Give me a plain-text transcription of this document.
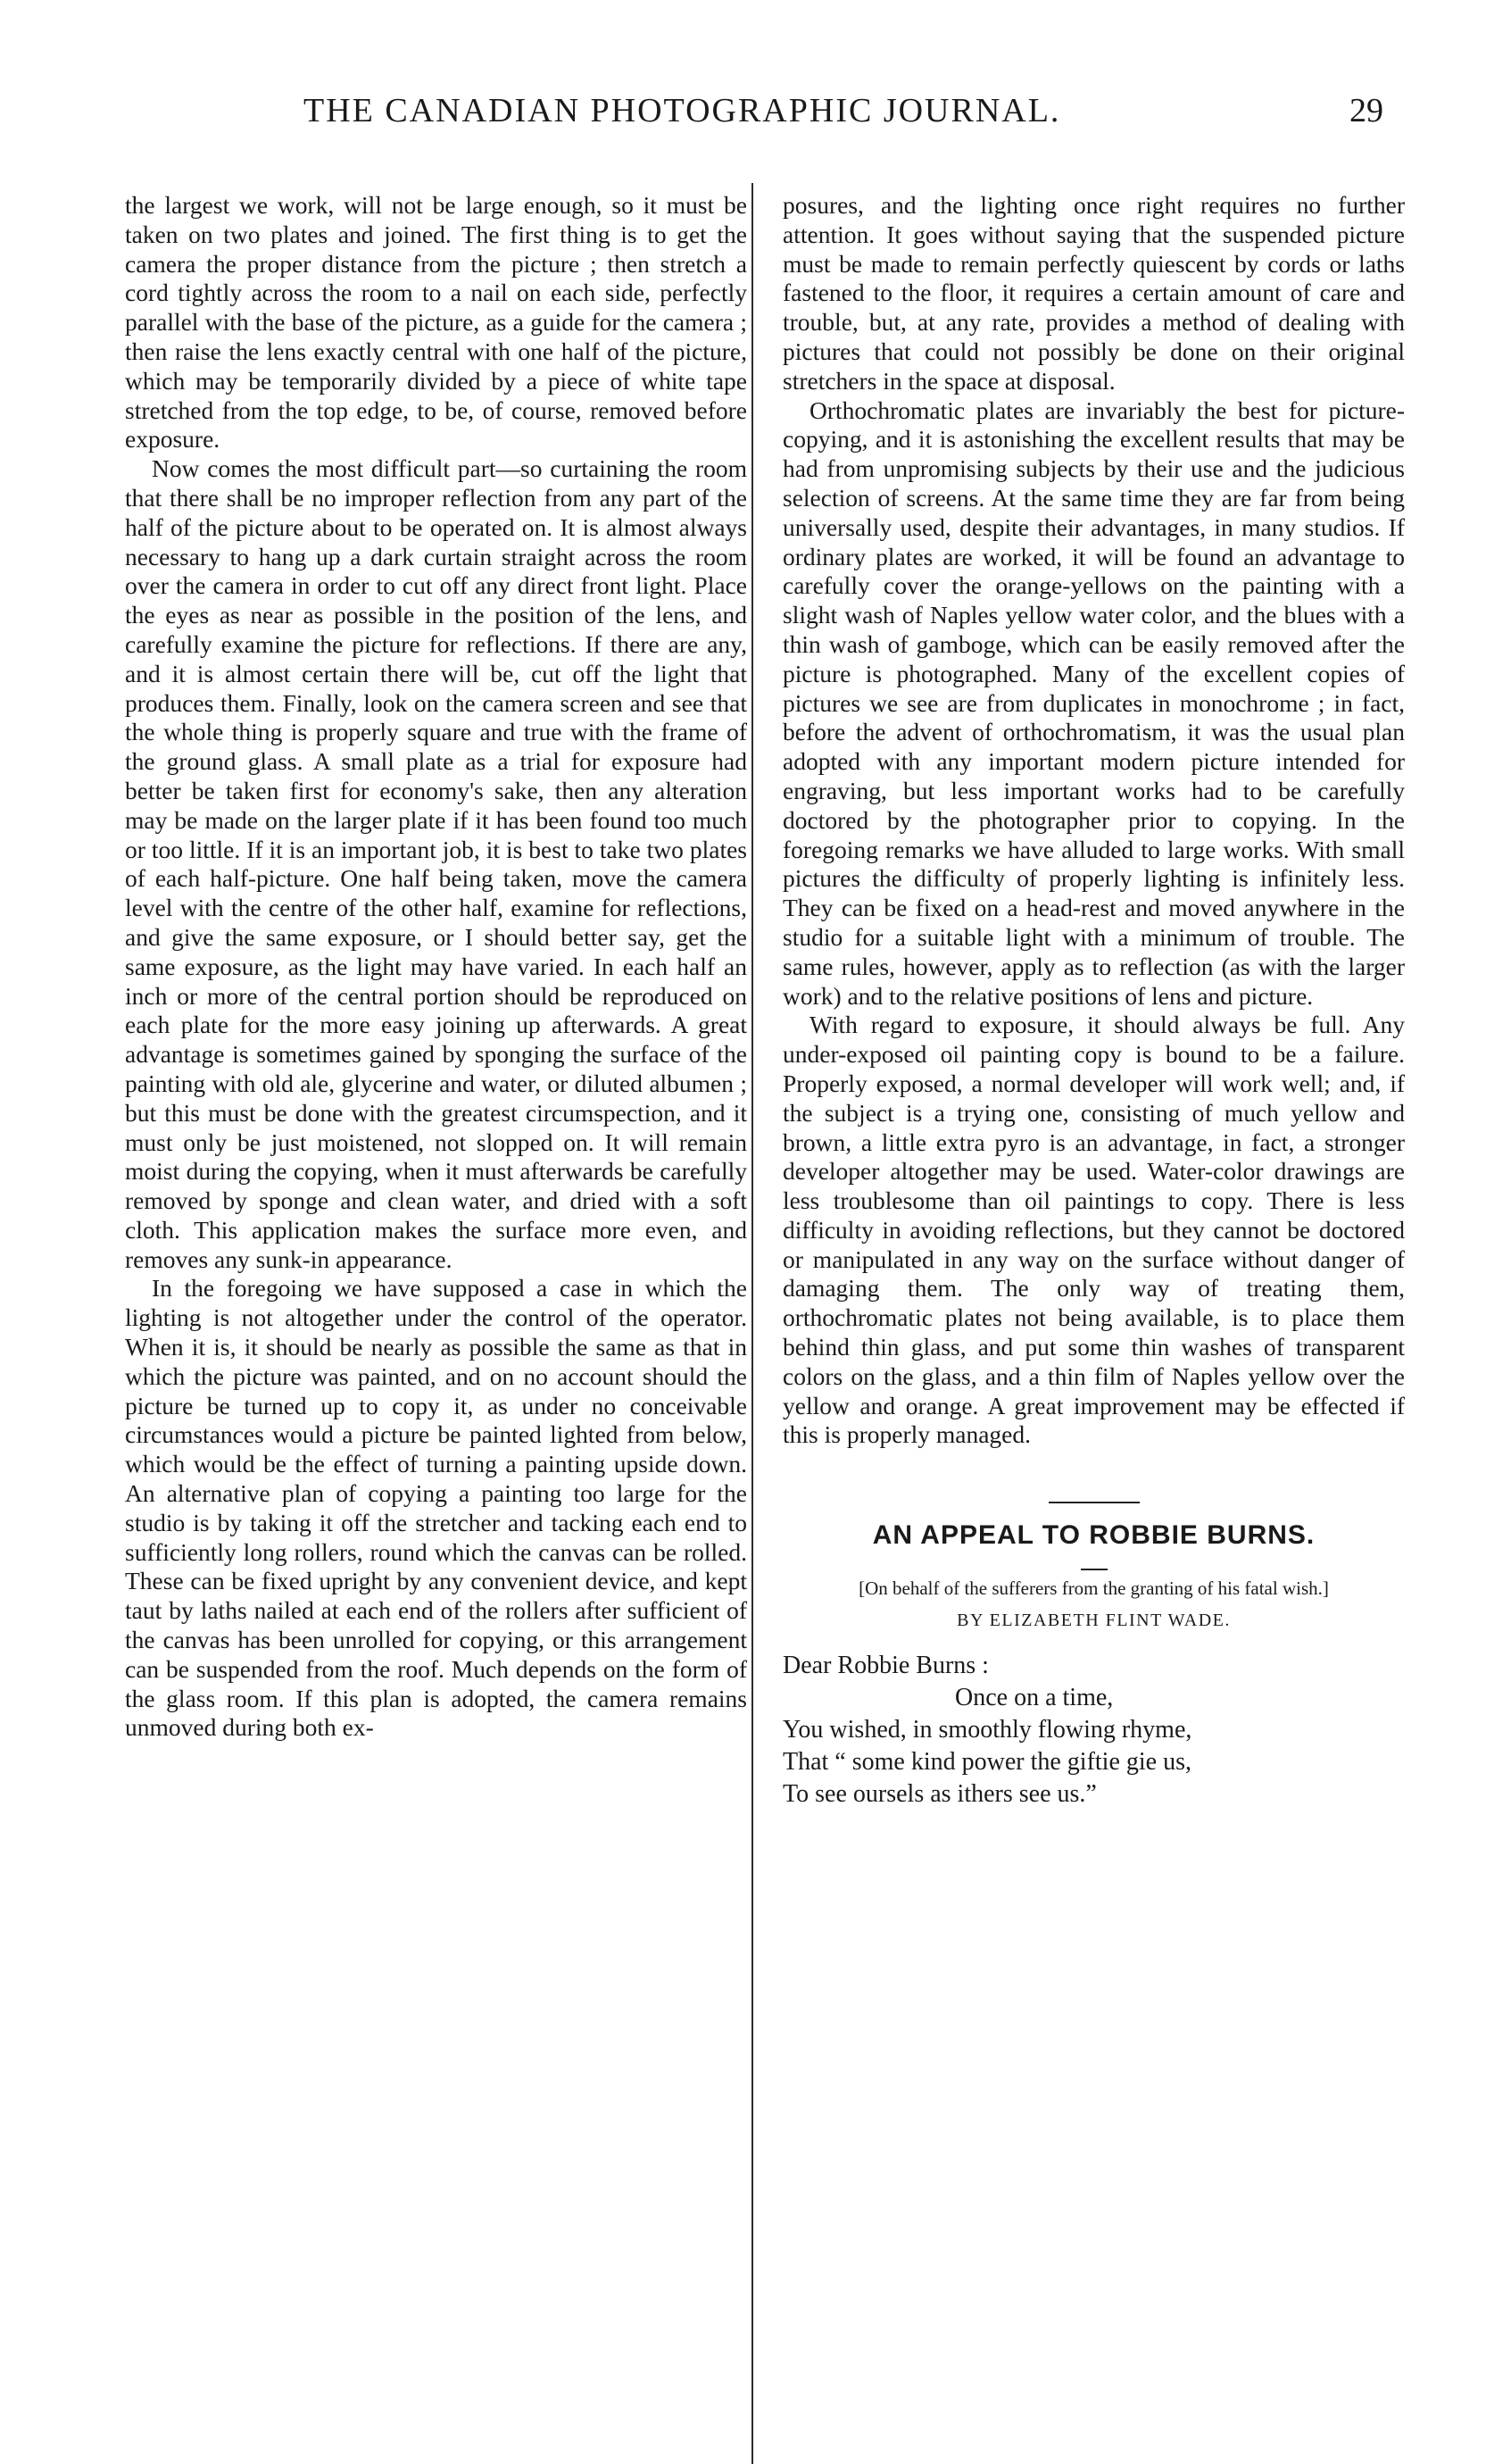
THE CANADIAN PHOTOGRAPHIC JOURNAL.	29

the largest we work, will not be large enough, so it must be taken on two plates and joined. The first thing is to get the camera the proper distance from the picture ; then stretch a cord tightly across the room to a nail on each side, perfectly parallel with the base of the picture, as a guide for the camera ; then raise the lens exactly central with one half of the picture, which may be temporarily divided by a piece of white tape stretched from the top edge, to be, of course, removed before exposure.

Now comes the most difficult part—so curtaining the room that there shall be no improper reflection from any part of the half of the picture about to be operated on. It is almost always necessary to hang up a dark curtain straight across the room over the camera in order to cut off any direct front light. Place the eyes as near as possible in the position of the lens, and carefully examine the picture for reflections. If there are any, and it is almost certain there will be, cut off the light that produces them. Finally, look on the camera screen and see that the whole thing is properly square and true with the frame of the ground glass. A small plate as a trial for exposure had better be taken first for economy's sake, then any alteration may be made on the larger plate if it has been found too much or too little. If it is an important job, it is best to take two plates of each half-picture. One half being taken, move the camera level with the centre of the other half, examine for reflections, and give the same exposure, or I should better say, get the same exposure, as the light may have varied. In each half an inch or more of the central portion should be reproduced on each plate for the more easy joining up afterwards. A great advantage is sometimes gained by sponging the surface of the painting with old ale, glycerine and water, or diluted albumen ; but this must be done with the greatest circumspection, and it must only be just moistened, not slopped on. It will remain moist during the copying, when it must afterwards be carefully removed by sponge and clean water, and dried with a soft cloth. This application makes the surface more even, and removes any sunk-in appearance.

In the foregoing we have supposed a case in which the lighting is not altogether under the control of the operator. When it is, it should be nearly as possible the same as that in which the picture was painted, and on no account should the picture be turned up to copy it, as under no conceivable circumstances would a picture be painted lighted from below, which would be the effect of turning a painting upside down. An alternative plan of copying a painting too large for the studio is by taking it off the stretcher and tacking each end to sufficiently long rollers, round which the canvas can be rolled. These can be fixed upright by any convenient device, and kept taut by laths nailed at each end of the rollers after sufficient of the canvas has been unrolled for copying, or this arrangement can be suspended from the roof. Much depends on the form of the glass room. If this plan is adopted, the camera remains unmoved during both ex-

posures, and the lighting once right requires no further attention. It goes without saying that the suspended picture must be made to remain perfectly quiescent by cords or laths fastened to the floor, it requires a certain amount of care and trouble, but, at any rate, provides a method of dealing with pictures that could not possibly be done on their original stretchers in the space at disposal.

Orthochromatic plates are invariably the best for picture-copying, and it is astonishing the excellent results that may be had from unpromising subjects by their use and the judicious selection of screens. At the same time they are far from being universally used, despite their advantages, in many studios. If ordinary plates are worked, it will be found an advantage to carefully cover the orange-yellows on the painting with a slight wash of Naples yellow water color, and the blues with a thin wash of gamboge, which can be easily removed after the picture is photographed. Many of the excellent copies of pictures we see are from duplicates in monochrome ; in fact, before the advent of orthochromatism, it was the usual plan adopted with any important modern picture intended for engraving, but less important works had to be carefully doctored by the photographer prior to copying. In the foregoing remarks we have alluded to large works. With small pictures the difficulty of properly lighting is infinitely less. They can be fixed on a head-rest and moved anywhere in the studio for a suitable light with a minimum of trouble. The same rules, however, apply as to reflection (as with the larger work) and to the relative positions of lens and picture.

With regard to exposure, it should always be full. Any under-exposed oil painting copy is bound to be a failure. Properly exposed, a normal developer will work well; and, if the subject is a trying one, consisting of much yellow and brown, a little extra pyro is an advantage, in fact, a stronger developer altogether may be used. Water-color drawings are less troublesome than oil paintings to copy. There is less difficulty in avoiding reflections, but they cannot be doctored or manipulated in any way on the surface without danger of damaging them. The only way of treating them, orthochromatic plates not being available, is to place them behind thin glass, and put some thin washes of transparent colors on the glass, and a thin film of Naples yellow over the yellow and orange. A great improvement may be effected if this is properly managed.

AN APPEAL TO ROBBIE BURNS.
[On behalf of the sufferers from the granting of his fatal wish.]
BY ELIZABETH FLINT WADE.
Dear Robbie Burns :
Once on a time,
You wished, in smoothly flowing rhyme,
That “ some kind power the giftie gie us,
To see oursels as ithers see us.”
